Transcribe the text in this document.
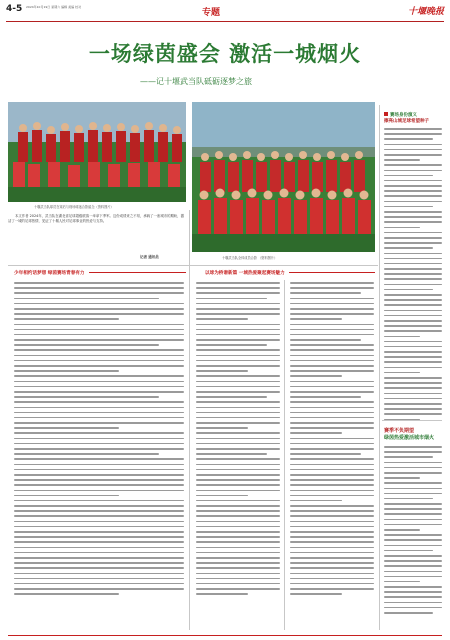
4-5 2024年10月19日 星期六 编辑 美编 校对
专题	十堰晚报
一场绿茵盛会 激活一城烟火
——记十堰武当队砥砺逐梦之旅
十堰武当队球员在赛后与现场球迷合影留念（资料图片）
十堰武当队全体成员合影 （资料图片）
赛场身份演义
擦亮山城足球希望种子
本文作者 2024年，武当队在湖北省足球超级联赛一举拿下季军。这份成绩来之不易，承载了一座城市的期盼，激活了一城的足球热情，见证了十堰人民对足球事业的热爱与支持。
记者 通讯员
少年相约话梦想 绿茵赛场青春有力	以球为桥谱新篇 一城热爱聚起赛场魅力
赛季不负期望
绿茵热爱激活城市烟火
